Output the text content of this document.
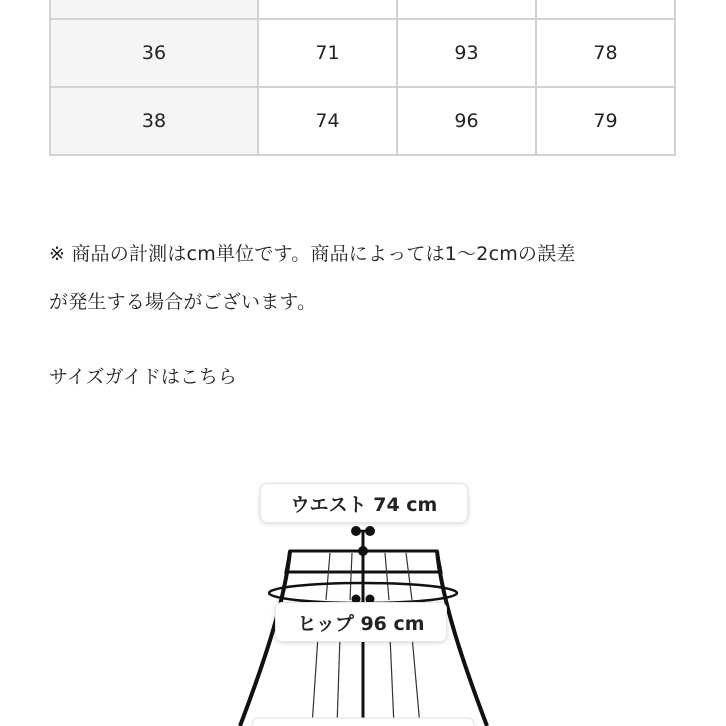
36	71	93	78
38	74	96	79

※ 商品の計測はcm単位です。商品によっては1〜2cmの誤差

が発生する場合がございます。

サイズガイドはこちら
ウエスト 74 cm
ヒップ 96 cm
